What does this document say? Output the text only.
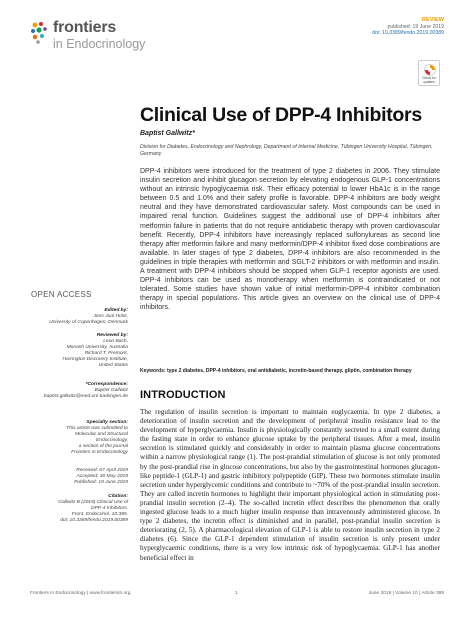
frontiers
in Endocrinology
REVIEW
published: 19 June 2019
doi: 10.3389/fendo.2019.00389
Check for
updates
Clinical Use of DPP-4 Inhibitors
Baptist Gallwitz*
Division for Diabetes, Endocrinology and Nephrology, Department of Internal Medicine, Tübingen University Hospital, Tübingen, Germany
DPP-4 inhibitors were introduced for the treatment of type 2 diabetes in 2006. They stimulate insulin secretion and inhibit glucagon secretion by elevating endogenous GLP-1 concentrations without an intrinsic hypoglycaemia risk. Their efficacy potential to lower HbA1c is in the range between 0.5 and 1.0% and their safety profile is favorable. DPP-4 inhibitors are body weight neutral and they have demonstrated cardiovascular safety. Most compounds can be used in impaired renal function. Guidelines suggest the additional use of DPP-4 inhibitors after metformin failure in patients that do not require antidiabetic therapy with proven cardiovascular benefit. Recently, DPP-4 inhibitors have increasingly replaced sulfonylureas as second line therapy after metformin failure and many metformin/DPP-4 inhibitor fixed dose combinations are available. In later stages of type 2 diabetes, DPP-4 inhibitors are also recommended in the guidelines in triple therapies with metformin and SGLT-2 inhibitors or with metformin and insulin. A treatment with DPP-4 inhibitors should be stopped when GLP-1 receptor agonists are used. DPP-4 inhibitors can be used as monotherapy when metformin is contraindicated or not tolerated. Some studies have shown value of initial metformin-DPP-4 inhibitor combination therapy in special populations. This article gives an overview on the clinical use of DPP-4 inhibitors.
Keywords: type 2 diabetes, DPP-4 inhibitors, oral antidiabetic, incretin-based therapy, gliptin, combination therapy
INTRODUCTION
The regulation of insulin secretion is important to maintain euglycaemia. In type 2 diabetes, a deterioration of insulin secretion and the development of peripheral insulin resistance lead to the development of hyperglycaemia. Insulin is physiologically constantly secreted to a small extent during the fasting state in order to enhance glucose uptake by the peripheral tissues. After a meal, insulin secretion is stimulated quickly and considerably in order to maintain plasma glucose concentrations within a narrow physiological range (1). The post-prandial stimulation of glucose is not only promoted by the post-prandial rise in glucose concentrations, but also by the gastrointestinal hormones glucagon-like peptide-1 (GLP-1) and gastric inhibitory polypeptide (GIP). These two hormones stimulate insulin secretion under hyperglycemic conditions and contribute to ~70% of the post-prandial insulin secretion. They are called incretin hormones to highlight their important physiological action in stimulating post-prandial insulin secretion (2–4). The so-called incretin effect describes the phenomenon that orally ingested glucose leads to a much higher insulin response than intravenously administered glucose. In type 2 diabetes, the incretin effect is diminished and in parallel, post-prandial insulin secretion is deteriorating (2, 5). A pharmacological elevation of GLP-1 is able to restore insulin secretion in type 2 diabetes (6). Since the GLP-1 dependent stimulation of insulin secretion is only present under hyperglycaemic conditions, there is a very low intrinsic risk of hypoglycaemia. GLP-1 has another beneficial effect in
OPEN ACCESS
Edited by:
Jens Juul Holst,
University of Copenhagen, Denmark
Reviewed by:
Leon Bach,
Monash University, Australia
Richard T. Premont,
Harrington Discovery Institute,
United States
*Correspondence:
Baptist Gallwitz
baptist.gallwitz@med.uni-tuebingen.de
Specialty section:
This article was submitted to
Molecular and Structural
Endocrinology,
a section of the journal
Frontiers in Endocrinology
Received: 07 April 2019
Accepted: 30 May 2019
Published: 19 June 2019
Citation:
Gallwitz B (2019) Clinical Use of
DPP-4 Inhibitors.
Front. Endocrinol. 10:389.
doi: 10.3389/fendo.2019.00389
Frontiers in Endocrinology | www.frontiersin.org	1	June 2019 | Volume 10 | Article 389
